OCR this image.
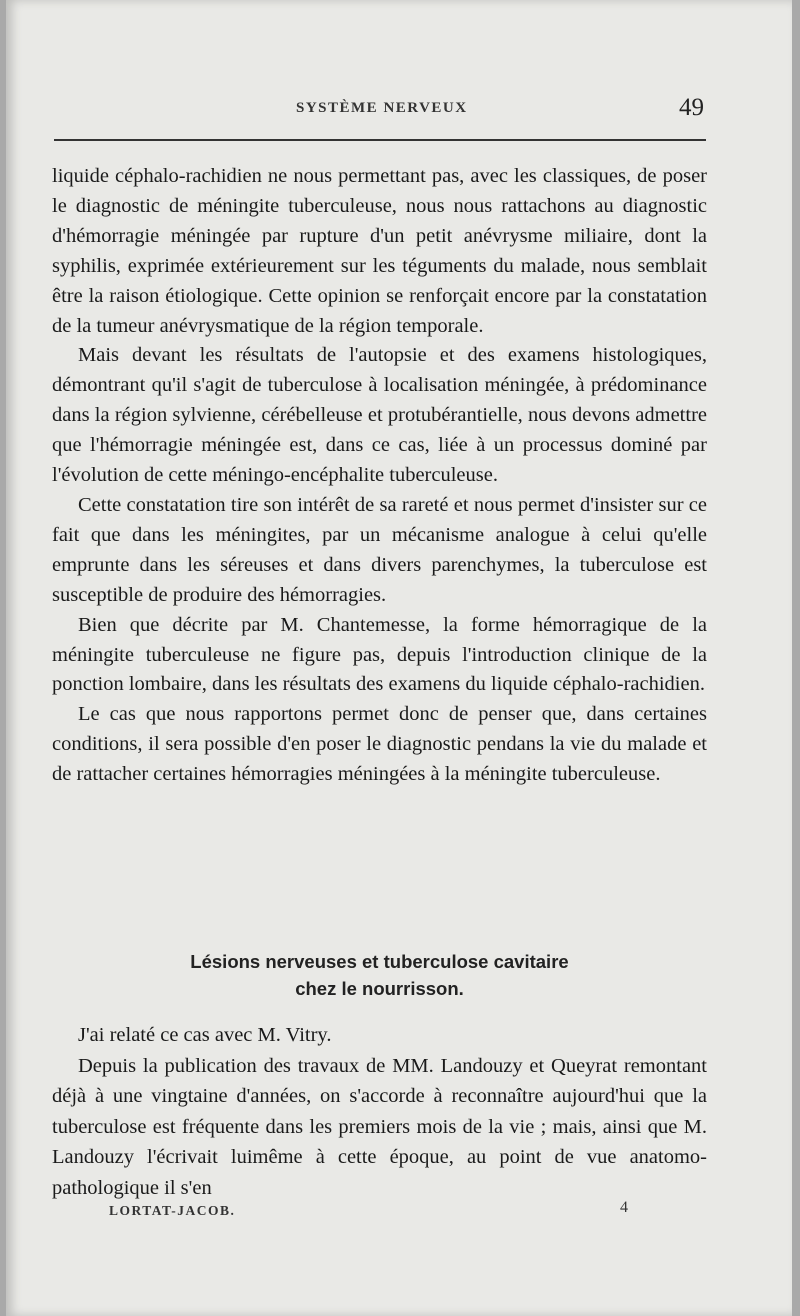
SYSTÈME NERVEUX	49

liquide céphalo-rachidien ne nous permettant pas, avec les classiques, de poser le diagnostic de méningite tuberculeuse, nous nous rattachons au diagnostic d'hémorragie méningée par rupture d'un petit anévrysme miliaire, dont la syphilis, exprimée extérieurement sur les téguments du malade, nous semblait être la raison étiologique. Cette opinion se renforçait encore par la constatation de la tumeur anévrysmatique de la région temporale.

Mais devant les résultats de l'autopsie et des examens histologiques, démontrant qu'il s'agit de tuberculose à localisation méningée, à prédominance dans la région sylvienne, cérébelleuse et protubérantielle, nous devons admettre que l'hémorragie méningée est, dans ce cas, liée à un processus dominé par l'évolution de cette méningo-encéphalite tuberculeuse.

Cette constatation tire son intérêt de sa rareté et nous permet d'insister sur ce fait que dans les méningites, par un mécanisme analogue à celui qu'elle emprunte dans les séreuses et dans divers parenchymes, la tuberculose est susceptible de produire des hémorragies.

Bien que décrite par M. Chantemesse, la forme hémorragique de la méningite tuberculeuse ne figure pas, depuis l'introduction clinique de la ponction lombaire, dans les résultats des examens du liquide céphalo-rachidien.

Le cas que nous rapportons permet donc de penser que, dans certaines conditions, il sera possible d'en poser le diagnostic pendans la vie du malade et de rattacher certaines hémorragies méningées à la méningite tuberculeuse.

Lésions nerveuses et tuberculose cavitaire
chez le nourrisson.

J'ai relaté ce cas avec M. Vitry.

Depuis la publication des travaux de MM. Landouzy et Queyrat remontant déjà à une vingtaine d'années, on s'accorde à reconnaître aujourd'hui que la tuberculose est fréquente dans les premiers mois de la vie ; mais, ainsi que M. Landouzy l'écrivait luimême à cette époque, au point de vue anatomo-pathologique il s'en

LORTAT-JACOB.	4
